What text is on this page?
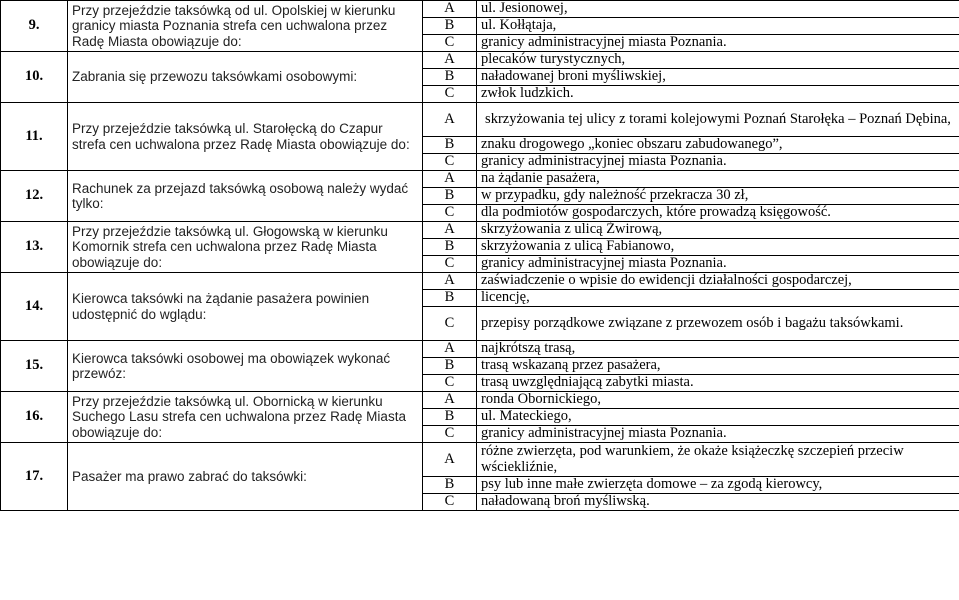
9.	Przy przejeździe taksówką od ul. Opolskiej w kierunku granicy miasta Poznania strefa cen uchwalona przez Radę Miasta obowiązuje do:	A	ul. Jesionowej,
		B	ul. Kołłątaja,
		C	granicy administracyjnej miasta Poznania.
10.	Zabrania się przewozu taksówkami osobowymi:	A	plecaków turystycznych,
		B	naładowanej broni myśliwskiej,
		C	zwłok ludzkich.
11.	Przy przejeździe taksówką ul. Starołęcką do Czapur strefa cen uchwalona przez Radę Miasta obowiązuje do:	A	skrzyżowania tej ulicy z torami kolejowymi Poznań Starołęka – Poznań Dębina,
		B	znaku drogowego „koniec obszaru zabudowanego”,
		C	granicy administracyjnej miasta Poznania.
12.	Rachunek za przejazd taksówką osobową należy wydać tylko:	A	na żądanie pasażera,
		B	w przypadku, gdy należność przekracza 30 zł,
		C	dla podmiotów gospodarczych, które prowadzą księgowość.
13.	Przy przejeździe taksówką ul. Głogowską w kierunku Komornik strefa cen uchwalona przez Radę Miasta obowiązuje do:	A	skrzyżowania z ulicą Żwirową,
		B	skrzyżowania z ulicą Fabianowo,
		C	granicy administracyjnej miasta Poznania.
14.	Kierowca taksówki na żądanie pasażera powinien udostępnić do wglądu:	A	zaświadczenie o wpisie do ewidencji działalności gospodarczej,
		B	licencję,
		C	przepisy porządkowe związane z przewozem osób i bagażu taksówkami.
15.	Kierowca taksówki osobowej ma obowiązek wykonać przewóz:	A	najkrótszą trasą,
		B	trasą wskazaną przez pasażera,
		C	trasą uwzględniającą zabytki miasta.
16.	Przy przejeździe taksówką ul. Obornicką w kierunku Suchego Lasu strefa cen uchwalona przez Radę Miasta obowiązuje do:	A	ronda Obornickiego,
		B	ul. Mateckiego,
		C	granicy administracyjnej miasta Poznania.
17.	Pasażer ma prawo zabrać do taksówki:	A	różne zwierzęta, pod warunkiem, że okaże książeczkę szczepień przeciw wściekliźnie,
		B	psy lub inne małe zwierzęta domowe – za zgodą kierowcy,
		C	naładowaną broń myśliwską.
